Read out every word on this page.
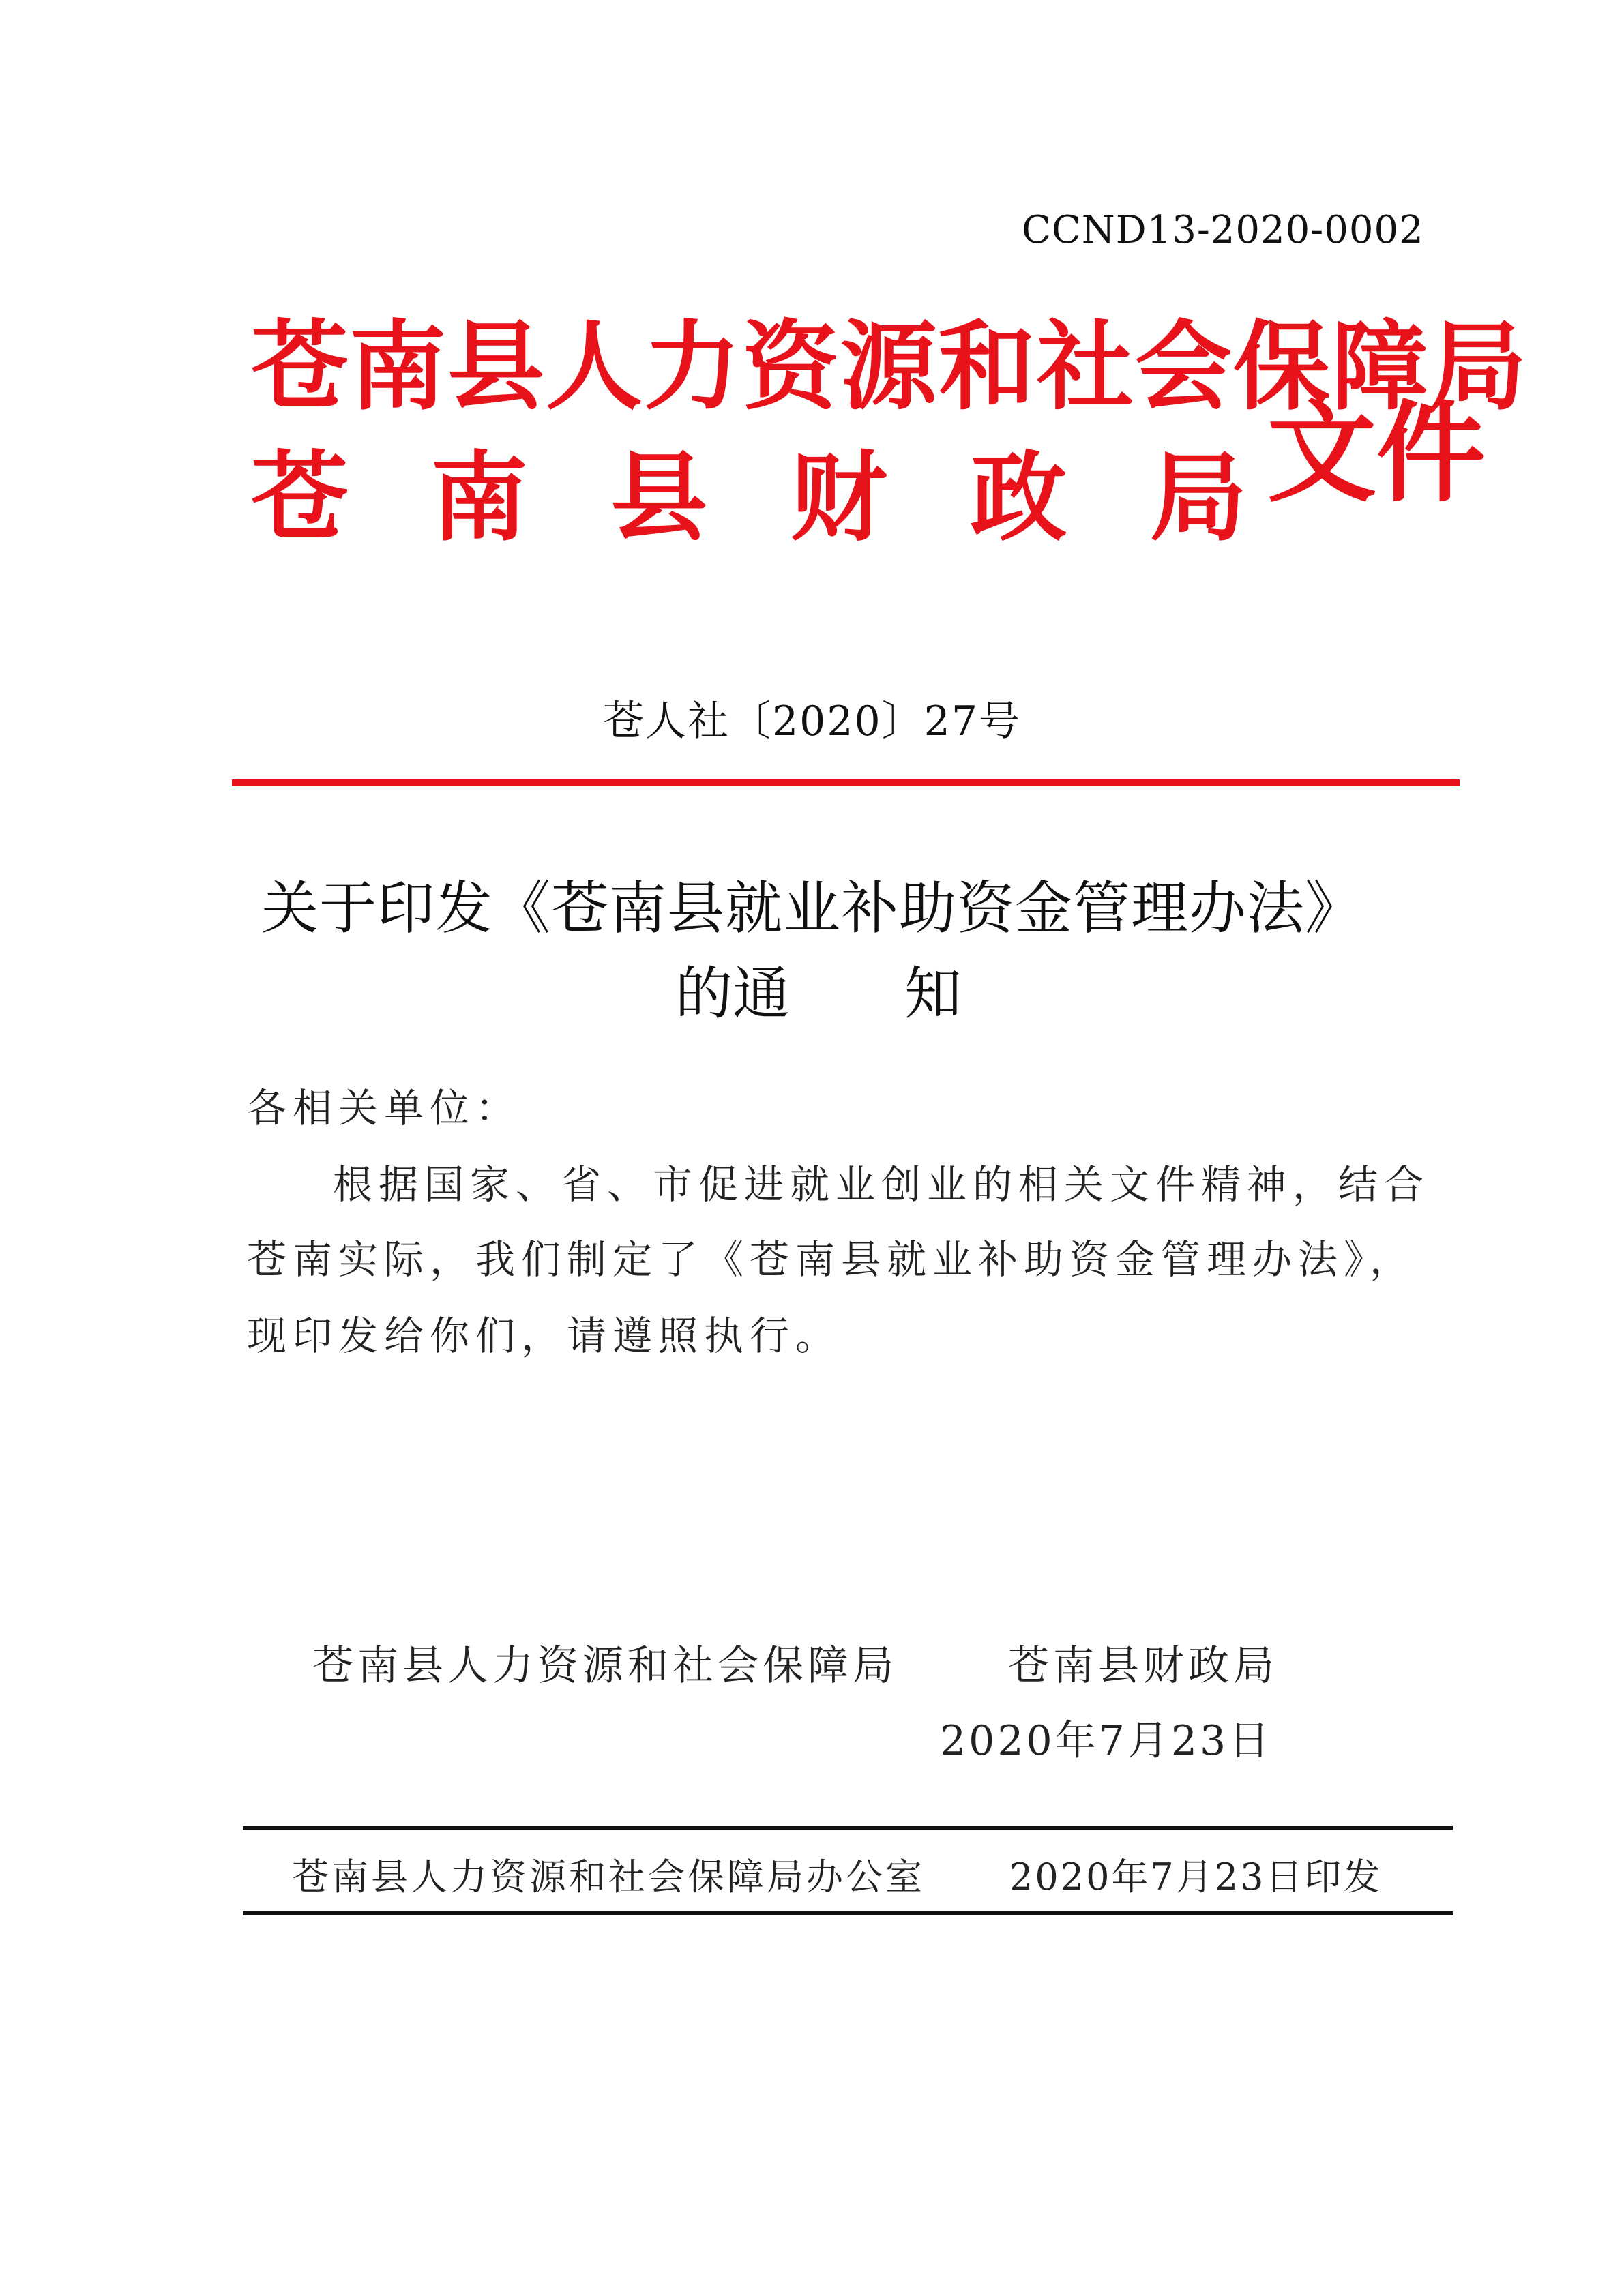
CCND13-2020-0002
苍南县人力资源和社会保障局
苍 南 县 财 政 局 文件
苍人社〔2020〕27号
关于印发《苍南县就业补助资金管理办法》
的通　　知
各相关单位：
根据国家、省、市促进就业创业的相关文件精神，结合
苍南实际，我们制定了《苍南县就业补助资金管理办法》，
现印发给你们，请遵照执行。
苍南县人力资源和社会保障局	苍南县财政局
2020年7月23日
苍南县人力资源和社会保障局办公室 2020年7月23日印发
